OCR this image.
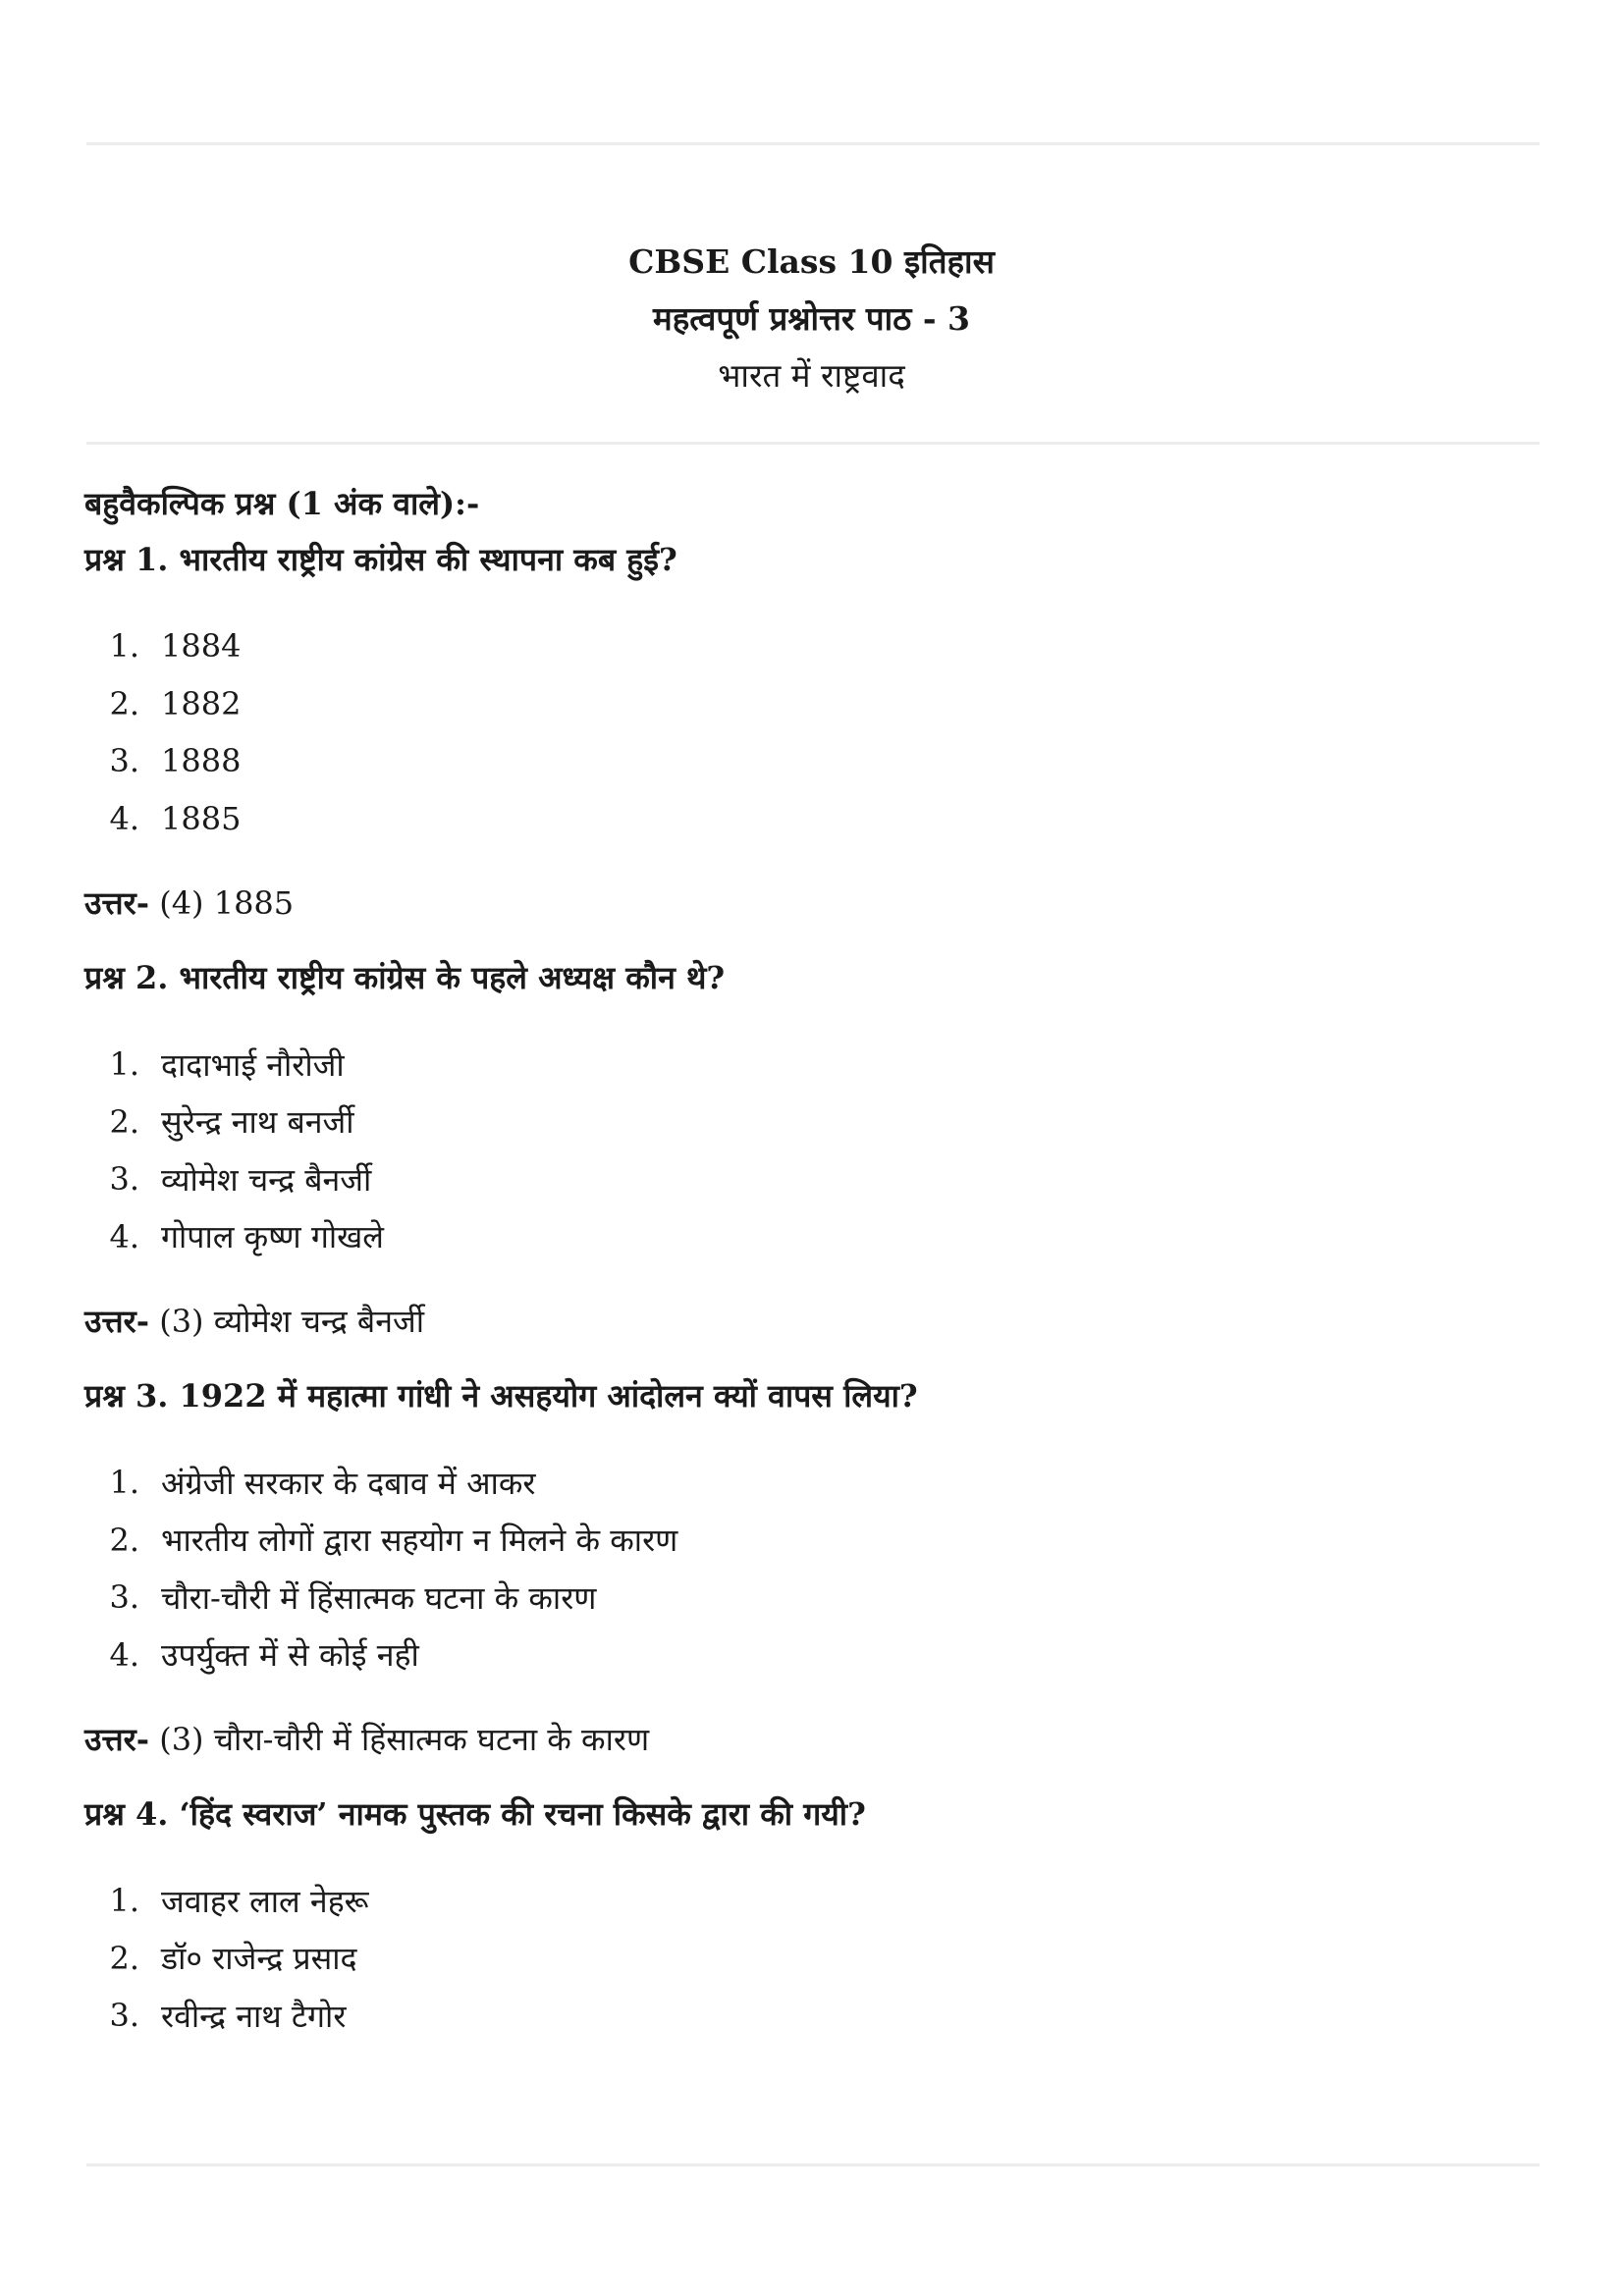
CBSE Class 10 इतिहास
महत्वपूर्ण प्रश्नोत्तर पाठ - 3
भारत में राष्ट्रवाद
बहुवैकल्पिक प्रश्न (1 अंक वाले):-
प्रश्न 1. भारतीय राष्ट्रीय कांग्रेस की स्थापना कब हुई?
1. 1884
2. 1882
3. 1888
4. 1885
उत्तर- (4) 1885
प्रश्न 2. भारतीय राष्ट्रीय कांग्रेस के पहले अध्यक्ष कौन थे?
1. दादाभाई नौरोजी
2. सुरेन्द्र नाथ बनर्जी
3. व्योमेश चन्द्र बैनर्जी
4. गोपाल कृष्ण गोखले
उत्तर- (3) व्योमेश चन्द्र बैनर्जी
प्रश्न 3. 1922 में महात्मा गांधी ने असहयोग आंदोलन क्यों वापस लिया?
1. अंग्रेजी सरकार के दबाव में आकर
2. भारतीय लोगों द्वारा सहयोग न मिलने के कारण
3. चौरा-चौरी में हिंसात्मक घटना के कारण
4. उपर्युक्त में से कोई नही
उत्तर- (3) चौरा-चौरी में हिंसात्मक घटना के कारण
प्रश्न 4. ‘हिंद स्वराज’ नामक पुस्तक की रचना किसके द्वारा की गयी?
1. जवाहर लाल नेहरू
2. डॉ० राजेन्द्र प्रसाद
3. रवीन्द्र नाथ टैगोर
